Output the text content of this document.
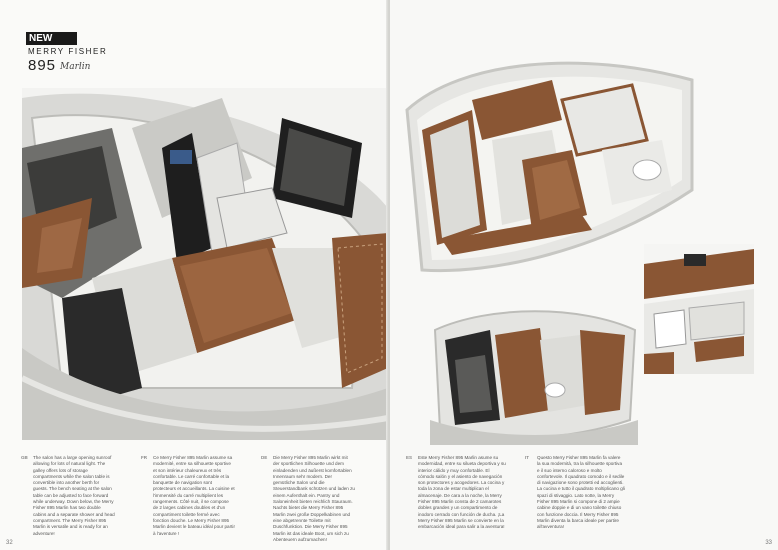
NEW
MERRY FISHER
895 Marlin
GB The salon has a large opening sunroof allowing for lots of natural light. The galley offers lots of storage compartments while the salon table is convertible into another berth for guests. The bench seating at the salon table can be adjusted to face forward while underway. Down below, the Merry Fisher 895 Marlin has two double cabins and a separate shower and head compartment. The Merry Fisher 895 Marlin is versatile and is ready for an adventure!
FR Ce Merry Fisher 895 Marlin assume sa modernité, entre sa silhouette sportive et son intérieur chaleureux et très confortable. Le carré confortable et la banquette de navigation sont protecteurs et accueillants. La cuisine et l'immensité du carré multiplient les rangements. Côté nuit, il se compose de 2 larges cabines doubles et d'un compartiment toilette fermé avec fonction douche. Le Merry Fisher 895 Marlin devient le bateau idéal pour partir à l'aventure !
DE Die Merry Fisher 895 Marlin wirkt mit der sportlichen Silhouette und dem einladenden und äußerst komfortablen Innenraum sehr modern. Der gemütliche Salon und die Steuerstandbank schützen und laden zu einem Aufenthalt ein. Pantry und Saloneinheit bieten reichlich Stauraum. Nachts bietet die Merry Fisher 895 Marlin zwei große Doppelkabinen und eine abgetrennte Toilette mit Duschfunktion. Die Merry Fisher 895 Marlin ist das ideale Boot, um sich zu Abenteuern aufzumachen!
32
ES Este Merry Fisher 895 Marlin asume su modernidad, entre su silueta deportiva y su interior cálido y muy confortable. El cómodo salón y el asiento de navegación son protectores y acogedores. La cocina y toda la zona de estar multiplican el almacenaje. De cara a la noche, la Merry Fisher 895 Marlin consta de 2 camarotes dobles grandes y un compartimento de inodoro cerrado con función de ducha. ¡La Merry Fisher 895 Marlin se convierte en la embarcación ideal para salir a la aventura!
IT Questo Merry Fisher 895 Marlin fa valere la sua modernità, tra la silhouette sportiva e il suo interno caloroso e molto confortevole. Il quadrato comodo e il sedile di navigazione sono protetti ed accoglienti. La cucina e tutto il quadrato moltiplicano gli spazi di stivaggio. Lato notte, la Merry Fisher 895 Marlin si compone di 2 ampie cabine doppie e di un vano toilette chiuso con funzione doccia. Il Merry Fisher 895 Marlin diventa la barca ideale per partire all'avventura!
33
